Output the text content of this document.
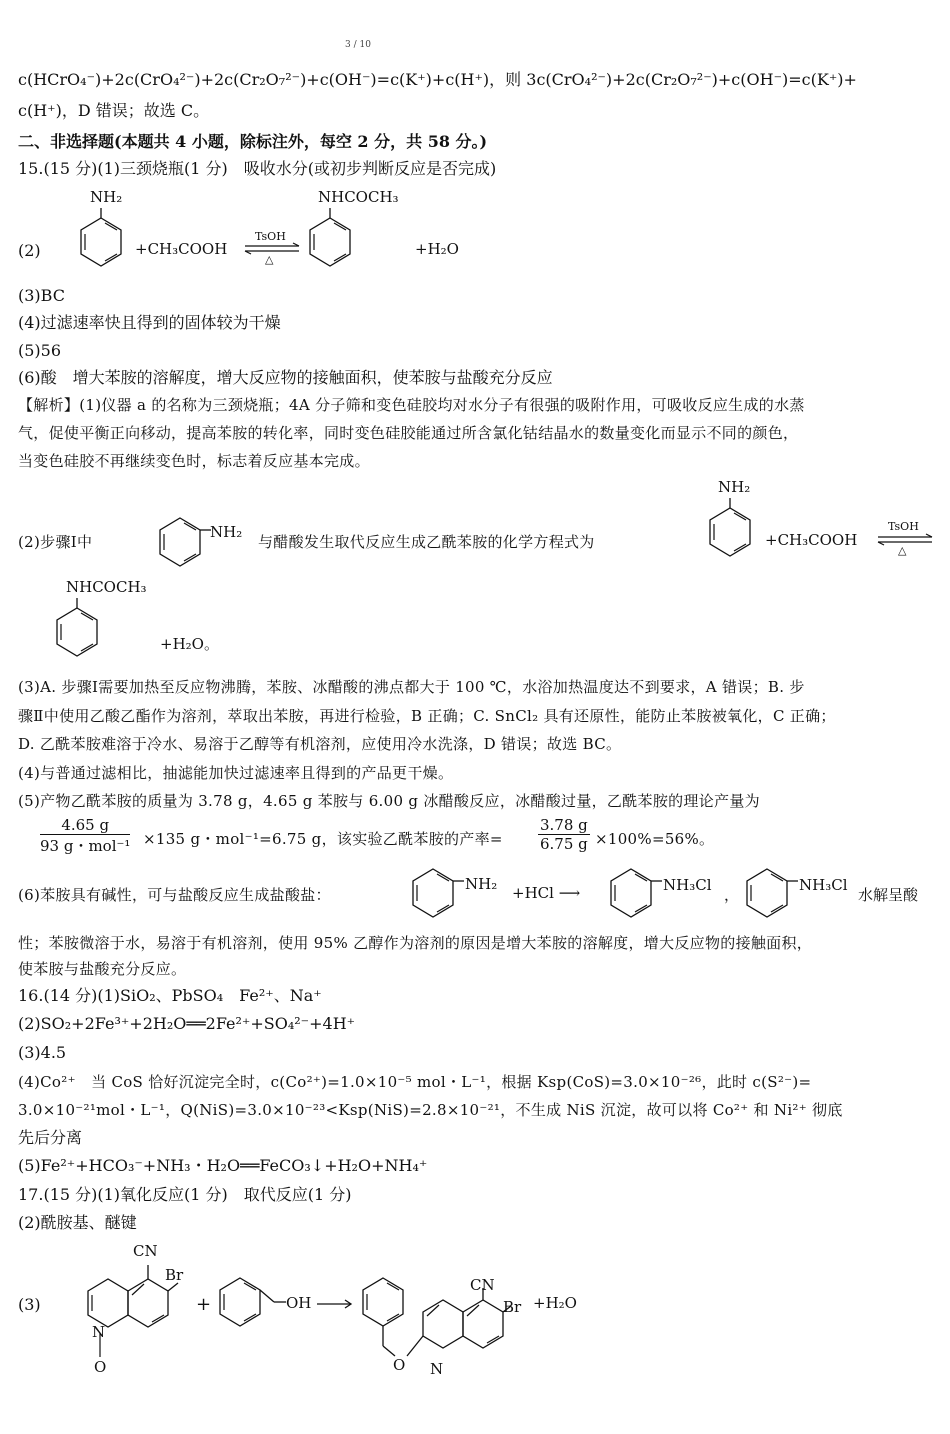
3 / 10
c(HCrO₄⁻)+2c(CrO₄²⁻)+2c(Cr₂O₇²⁻)+c(OH⁻)=c(K⁺)+c(H⁺)，则 3c(CrO₄²⁻)+2c(Cr₂O₇²⁻)+c(OH⁻)=c(K⁺)+
c(H⁺)，D 错误；故选 C。
二、非选择题(本题共 4 小题，除标注外，每空 2 分，共 58 分。)
15.(15 分)(1)三颈烧瓶(1 分)　吸收水分(或初步判断反应是否完成)
(2)
NH₂
+CH₃COOH
TsOH
△
NHCOCH₃
+H₂O
(3)BC
(4)过滤速率快且得到的固体较为干燥
(5)56
(6)酸　增大苯胺的溶解度，增大反应物的接触面积，使苯胺与盐酸充分反应
【解析】(1)仪器 a 的名称为三颈烧瓶；4A 分子筛和变色硅胶均对水分子有很强的吸附作用，可吸收反应生成的水蒸
气，促使平衡正向移动，提高苯胺的转化率，同时变色硅胶能通过所含氯化钴结晶水的数量变化而显示不同的颜色，
当变色硅胶不再继续变色时，标志着反应基本完成。
(2)步骤Ⅰ中
NH₂
与醋酸发生取代反应生成乙酰苯胺的化学方程式为
NH₂
+CH₃COOH
TsOH
△
NHCOCH₃
+H₂O。
(3)A. 步骤Ⅰ需要加热至反应物沸腾，苯胺、冰醋酸的沸点都大于 100 ℃，水浴加热温度达不到要求，A 错误；B. 步
骤Ⅱ中使用乙酸乙酯作为溶剂，萃取出苯胺，再进行检验，B 正确；C. SnCl₂ 具有还原性，能防止苯胺被氧化，C 正确；
D. 乙酰苯胺难溶于冷水、易溶于乙醇等有机溶剂，应使用冷水洗涤，D 错误；故选 BC。
(4)与普通过滤相比，抽滤能加快过滤速率且得到的产品更干燥。
(5)产物乙酰苯胺的质量为 3.78 g，4.65 g 苯胺与 6.00 g 冰醋酸反应，冰醋酸过量，乙酰苯胺的理论产量为
4.65 g
93 g・mol⁻¹ ×135 g・mol⁻¹=6.75 g，该实验乙酰苯胺的产率= $\frac{3.78 g}{6.75 g} \times 100\%=56\%$。
(6)苯胺具有碱性，可与盐酸反应生成盐酸盐：
NH₂ +HCl ⟶	NH₃Cl
，
NH₃Cl
水解呈酸
性；苯胺微溶于水，易溶于有机溶剂，使用 95% 乙醇作为溶剂的原因是增大苯胺的溶解度，增大反应物的接触面积，
使苯胺与盐酸充分反应。
16.(14 分)(1)SiO₂、PbSO₄　Fe²⁺、Na⁺
(2)SO₂+2Fe³⁺+2H₂O══2Fe²⁺+SO₄²⁻+4H⁺
(3)4.5
(4)Co²⁺　当 CoS 恰好沉淀完全时，c(Co²⁺)=1.0×10⁻⁵ mol・L⁻¹，根据 Ksp(CoS)=3.0×10⁻²⁶，此时 c(S²⁻)=
3.0×10⁻²¹mol・L⁻¹，Q(NiS)=3.0×10⁻²³<Ksp(NiS)=2.8×10⁻²¹，不生成 NiS 沉淀，故可以将 Co²⁺ 和 Ni²⁺ 彻底
先后分离
(5)Fe²⁺+HCO₃⁻+NH₃・H₂O══FeCO₃↓+H₂O+NH₄⁺
17.(15 分)(1)氧化反应(1 分)　取代反应(1 分)
(2)酰胺基、醚键
(3)
CN
Br
N
O
+	OH →
CN
Br
O N
+H₂O
